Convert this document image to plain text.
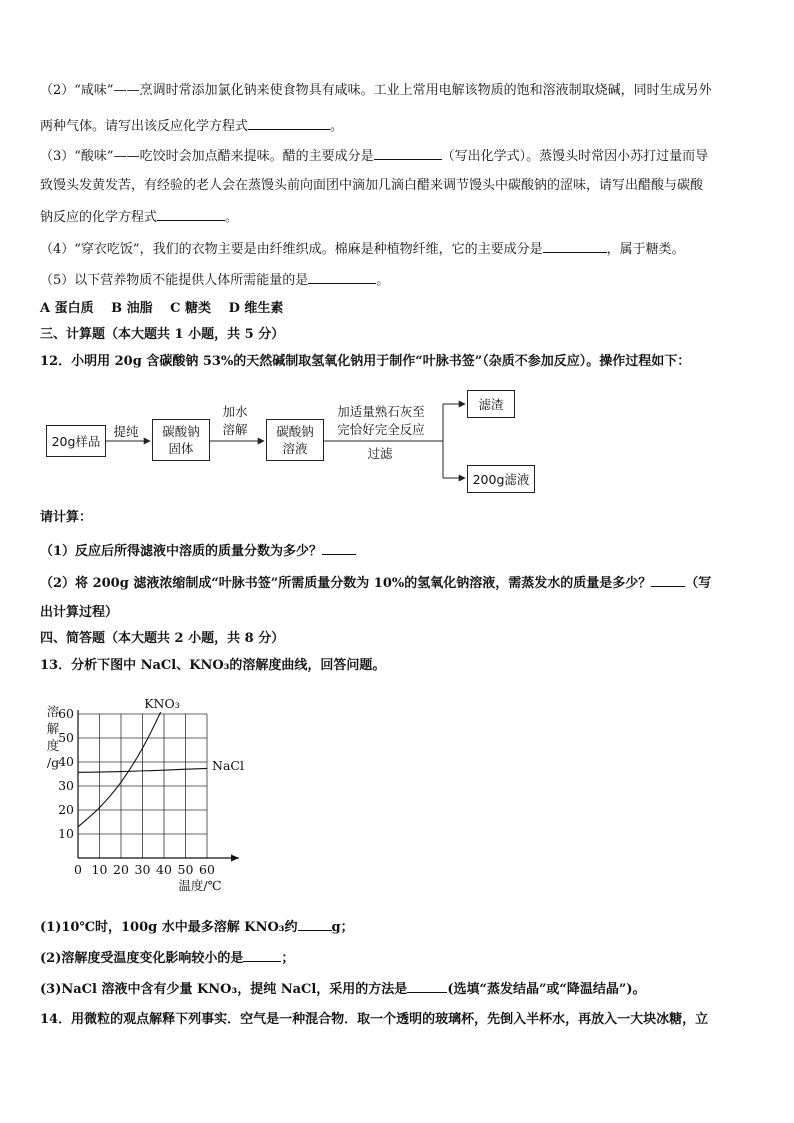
（2）“咸味”——烹调时常添加氯化钠来使食物具有咸味。工业上常用电解该物质的饱和溶液制取烧碱，同时生成另外
两种气体。请写出该反应化学方程式	。
（3）“酸味”——吃饺时会加点醋来提味。醋的主要成分是	（写出化学式）。蒸馒头时常因小苏打过量而导
致馒头发黄发苦，有经验的老人会在蒸馒头前向面团中滴加几滴白醋来调节馒头中碳酸钠的涩味，请写出醋酸与碳酸
钠反应的化学方程式	。
（4）“穿衣吃饭”，我们的衣物主要是由纤维织成。棉麻是种植物纤维，它的主要成分是	，属于糖类。
（5）以下营养物质不能提供人体所需能量的是	。
A 蛋白质　 B 油脂　 C 糖类　 D 维生素
三、计算题（本大题共 1 小题，共 5 分）
12．小明用 20g 含碳酸钠 53%的天然碱制取氢氧化钠用于制作“叶脉书签”（杂质不参加反应）。操作过程如下：
20g样品
提纯	碳酸钠
固体
加水
溶解	碳酸钠
溶液
加适量熟石灰至
完恰好完全反应
过滤
滤渣
200g滤液
请计算：
（1）反应后所得滤液中溶质的质量分数为多少？
（2）将 200g 滤液浓缩制成“叶脉书签”所需质量分数为 10%的氢氧化钠溶液，需蒸发水的质量是多少？	（写
出计算过程）
四、简答题（本大题共 2 小题，共 8 分）
13．分析下图中 NaCl、KNO₃的溶解度曲线，回答问题。
0 10 20 30 40 50 60
10
20
30
40
50
60
溶
解
度
/g
温度/℃
KNO₃
NaCl
(1)10℃时，100g 水中最多溶解 KNO₃约	g；
(2)溶解度受温度变化影响较小的是	；
(3)NaCl 溶液中含有少量 KNO₃，提纯 NaCl，采用的方法是	(选填“蒸发结晶”或“降温结晶”)。
14．用微粒的观点解释下列事实．空气是一种混合物．取一个透明的玻璃杯，先倒入半杯水，再放入一大块冰糖，立
